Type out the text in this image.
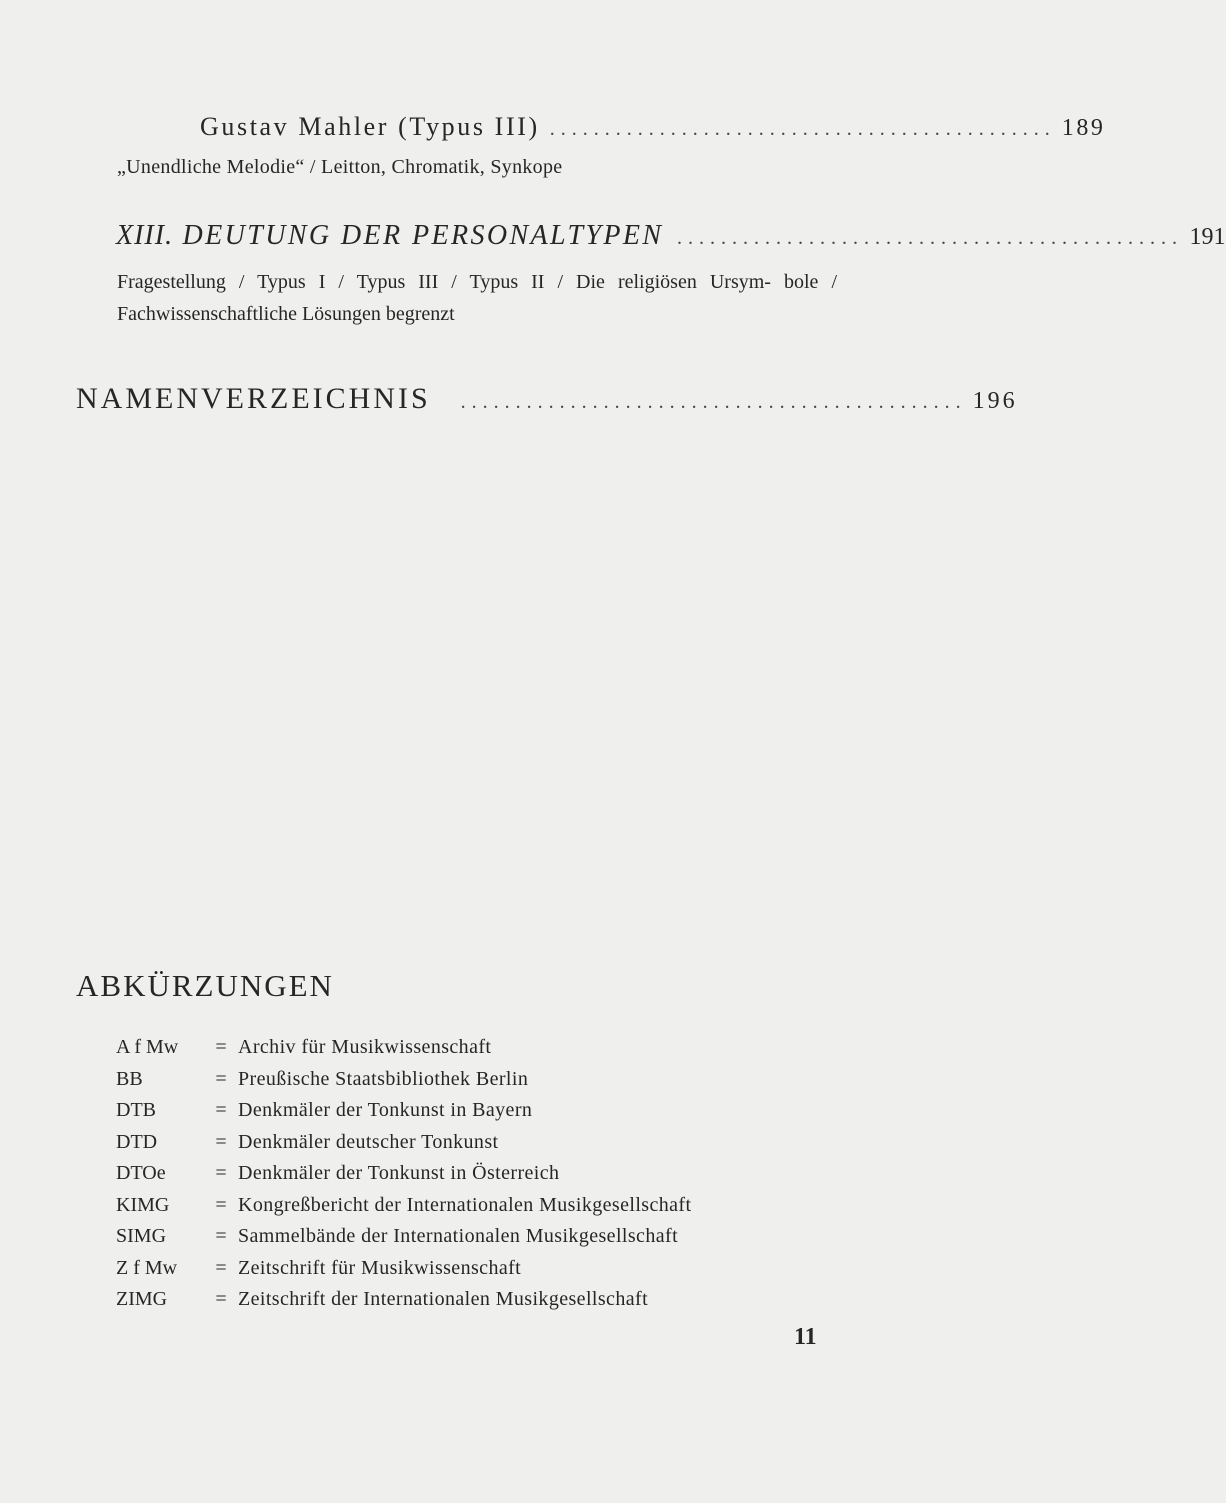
Gustav Mahler (Typus III) .............................................. 189
„Unendliche Melodie“ / Leitton, Chromatik, Synkope
XIII. DEUTUNG DER PERSONALTYPEN .............................................. 191
Fragestellung / Typus I / Typus III / Typus II / Die religiösen Ursym- bole / Fachwissenschaftliche Lösungen begrenzt
NAMENVERZEICHNIS .............................................. 196
ABKÜRZUNGEN
A f Mw	= Archiv für Musikwissenschaft
BB	= Preußische Staatsbibliothek Berlin
DTB	= Denkmäler der Tonkunst in Bayern
DTD	= Denkmäler deutscher Tonkunst
DTOe	= Denkmäler der Tonkunst in Österreich
KIMG	= Kongreßbericht der Internationalen Musikgesellschaft
SIMG	= Sammelbände der Internationalen Musikgesellschaft
Z f Mw	= Zeitschrift für Musikwissenschaft
ZIMG	= Zeitschrift der Internationalen Musikgesellschaft
11
